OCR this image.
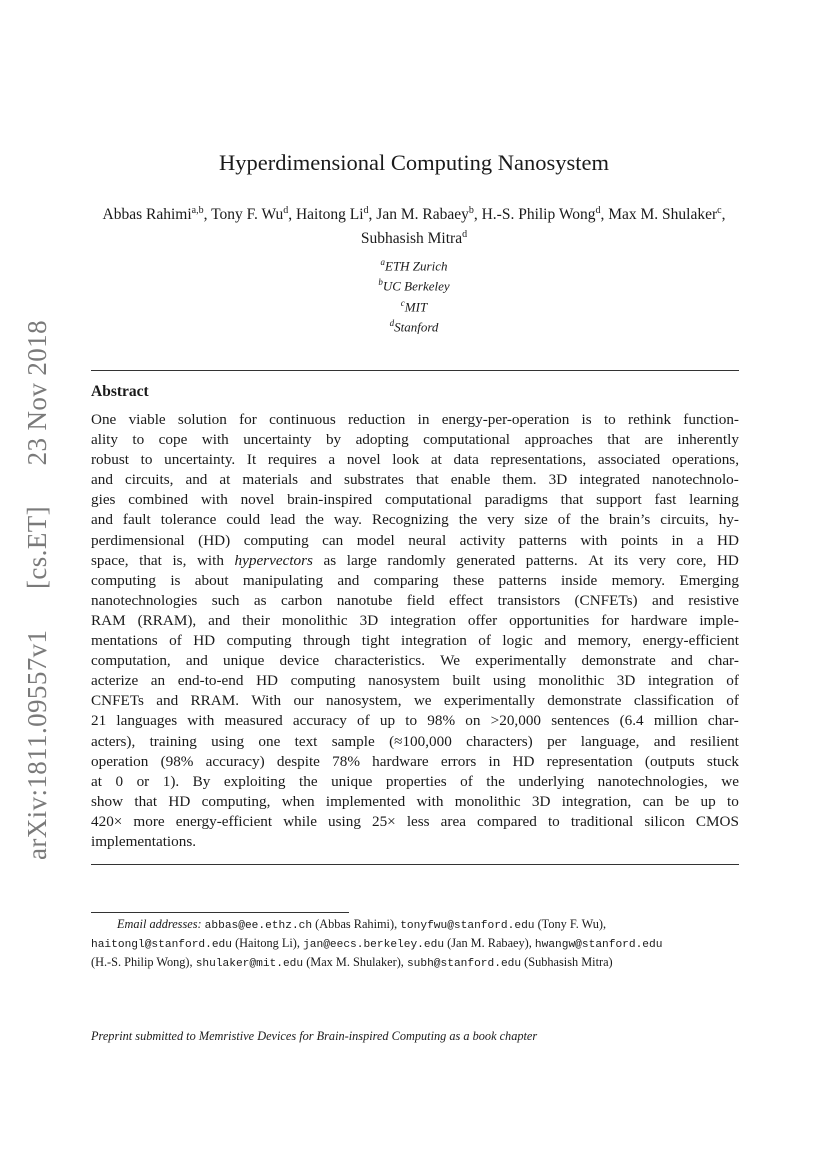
arXiv:1811.09557v1
[cs.ET]
23 Nov 2018
Hyperdimensional Computing Nanosystem
Abbas Rahimi$^{a,b}$, Tony F. Wu$^d$, Haitong Li$^d$, Jan M. Rabaey$^b$, H.-S. Philip Wong$^d$, Max M. Shulaker$^c$, Subhasish Mitra$^d$
$^a$ETH Zurich
$^b$UC Berkeley
$^c$MIT
$^d$Stanford
Abstract
One viable solution for continuous reduction in energy-per-operation is to rethink function-
ality to cope with uncertainty by adopting computational approaches that are inherently
robust to uncertainty. It requires a novel look at data representations, associated operations,
and circuits, and at materials and substrates that enable them. 3D integrated nanotechnolo-
gies combined with novel brain-inspired computational paradigms that support fast learning
and fault tolerance could lead the way. Recognizing the very size of the brain’s circuits, hy-
perdimensional (HD) computing can model neural activity patterns with points in a HD
space, that is, with hypervectors as large randomly generated patterns. At its very core, HD
computing is about manipulating and comparing these patterns inside memory. Emerging
nanotechnologies such as carbon nanotube field effect transistors (CNFETs) and resistive
RAM (RRAM), and their monolithic 3D integration offer opportunities for hardware imple-
mentations of HD computing through tight integration of logic and memory, energy-efficient
computation, and unique device characteristics. We experimentally demonstrate and char-
acterize an end-to-end HD computing nanosystem built using monolithic 3D integration of
CNFETs and RRAM. With our nanosystem, we experimentally demonstrate classification of
21 languages with measured accuracy of up to 98% on >20,000 sentences (6.4 million char-
acters), training using one text sample (≈100,000 characters) per language, and resilient
operation (98% accuracy) despite 78% hardware errors in HD representation (outputs stuck
at 0 or 1). By exploiting the unique properties of the underlying nanotechnologies, we
show that HD computing, when implemented with monolithic 3D integration, can be up to
420× more energy-efficient while using 25× less area compared to traditional silicon CMOS
implementations.
Email addresses: abbas@ee.ethz.ch (Abbas Rahimi), tonyfwu@stanford.edu (Tony F. Wu),
haitongl@stanford.edu (Haitong Li), jan@eecs.berkeley.edu (Jan M. Rabaey), hwangw@stanford.edu
(H.-S. Philip Wong), shulaker@mit.edu (Max M. Shulaker), subh@stanford.edu (Subhasish Mitra)
Preprint submitted to Memristive Devices for Brain-inspired Computing as a book chapter
